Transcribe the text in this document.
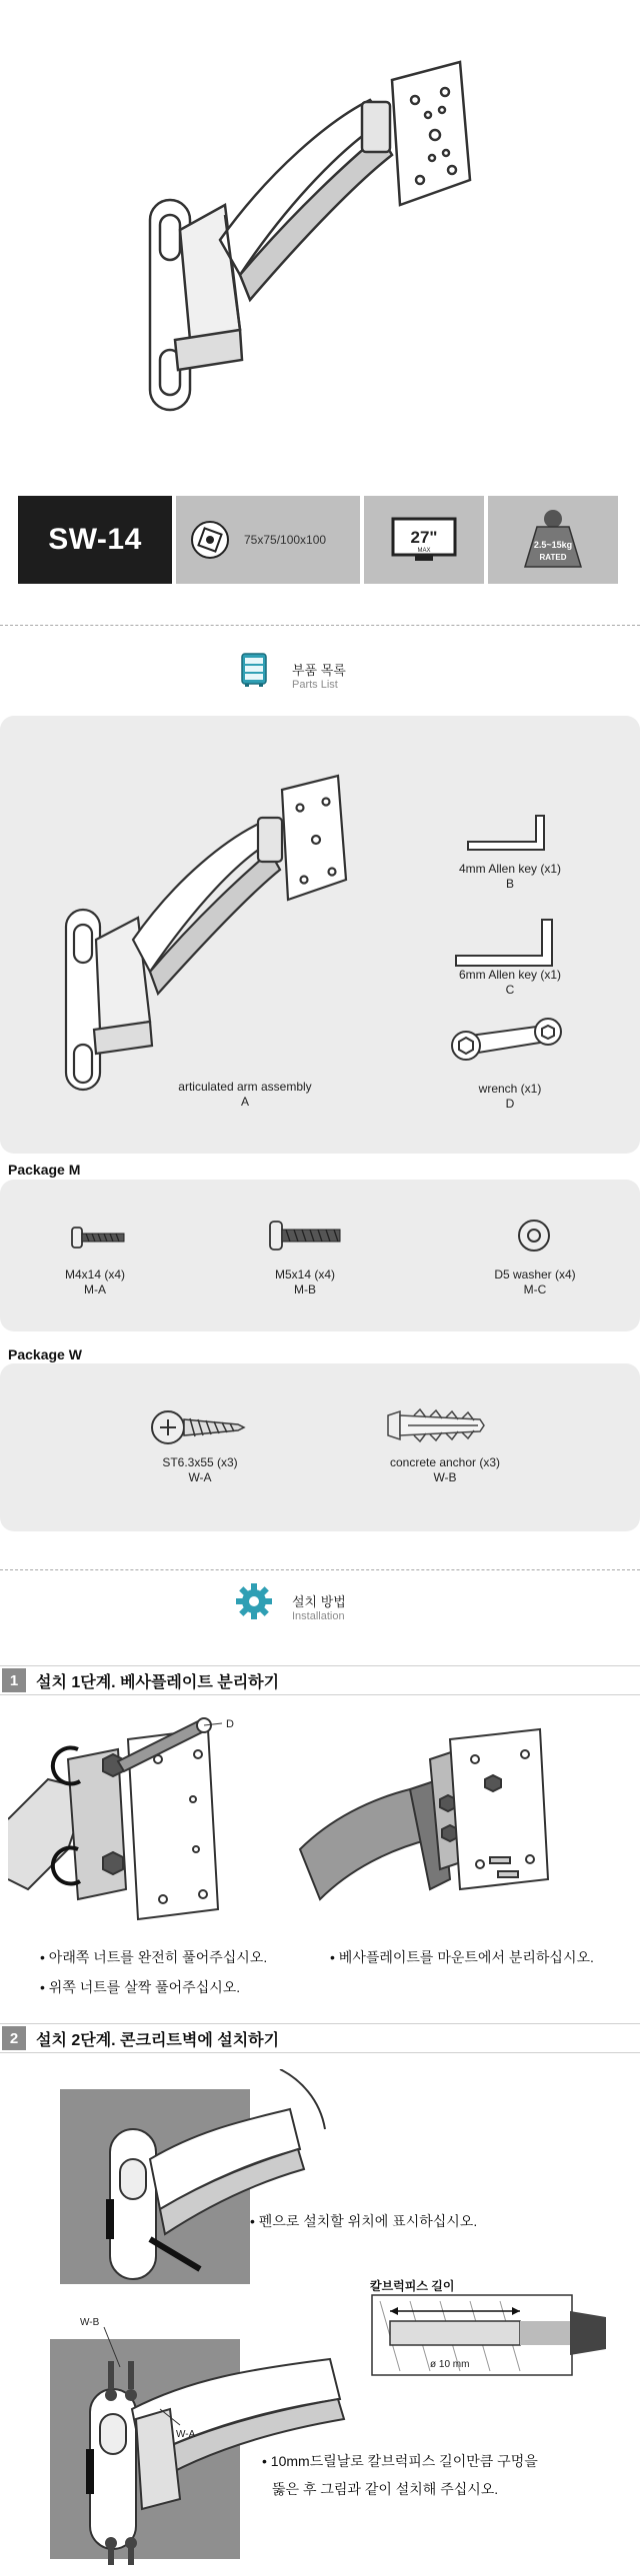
SW-14	75x75/100x100	27"
MAX
2.5~15kg
RATED
부품 목록
Parts List
articulated arm assembly
A
4mm Allen key (x1)
B
6mm Allen key (x1)
C
wrench (x1)
D
Package M
M4x14 (x4)
M-A
M5x14 (x4)
M-B
D5 washer (x4)
M-C
Package W
ST6.3x55 (x3)
W-A
concrete anchor (x3)
W-B
설치 방법
Installation
1	설치 1단계. 베사플레이트 분리하기
D
• 아래쪽 너트를 완전히 풀어주십시오.
• 위쪽 너트를 살짝 풀어주십시오.
• 베사플레이트를 마운트에서 분리하십시오.
2	설치 2단계. 콘크리트벽에 설치하기
• 펜으로 설치할 위치에 표시하십시오.
칼브럭피스 길이
ø 10 mm
W-B
W-A
• 10mm드릴날로 칼브럭피스 길이만큼 구멍을
뚫은 후 그림과 같이 설치해 주십시오.
